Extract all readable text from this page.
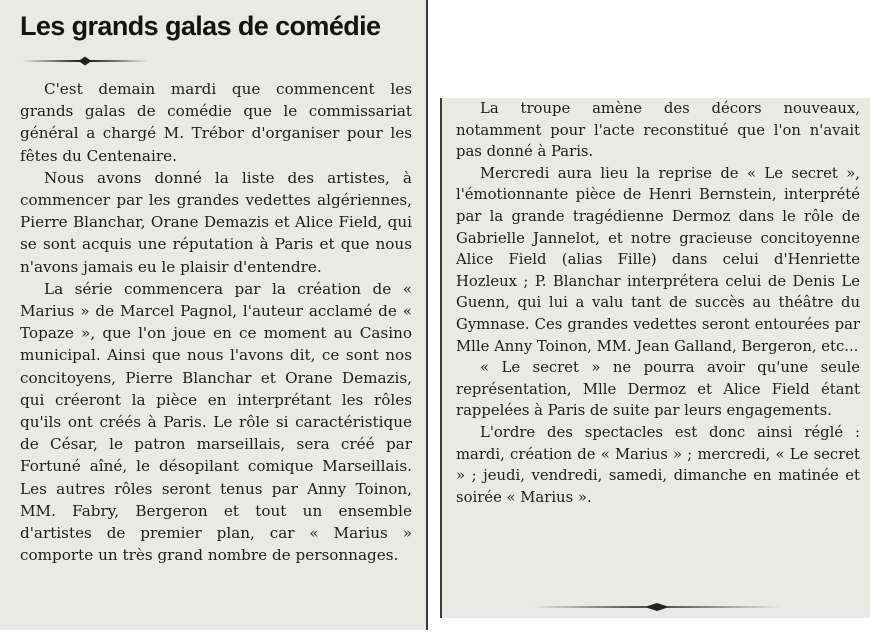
Les grands galas de comédie

C'est demain mardi que commencent les grands galas de comédie que le commissariat général a chargé M. Trébor d'organiser pour les fêtes du Centenaire.

Nous avons donné la liste des artistes, à commencer par les grandes vedettes algériennes, Pierre Blanchar, Orane Demazis et Alice Field, qui se sont acquis une réputation à Paris et que nous n'avons jamais eu le plaisir d'entendre.

La série commencera par la création de « Marius » de Marcel Pagnol, l'auteur acclamé de « Topaze », que l'on joue en ce moment au Casino municipal. Ainsi que nous l'avons dit, ce sont nos concitoyens, Pierre Blanchar et Orane Demazis, qui créeront la pièce en interprétant les rôles qu'ils ont créés à Paris. Le rôle si caractéristique de César, le patron marseillais, sera créé par Fortuné aîné, le désopilant comique Marseillais. Les autres rôles seront tenus par Anny Toinon, MM. Fabry, Bergeron et tout un ensemble d'artistes de premier plan, car « Marius » comporte un très grand nombre de personnages.

La troupe amène des décors nouveaux, notamment pour l'acte reconstitué que l'on n'avait pas donné à Paris.

Mercredi aura lieu la reprise de « Le secret », l'émotionnante pièce de Henri Bernstein, interprété par la grande tragédienne Dermoz dans le rôle de Gabrielle Jannelot, et notre gracieuse concitoyenne Alice Field (alias Fille) dans celui d'Henriette Hozleux ; P. Blanchar interprétera celui de Denis Le Guenn, qui lui a valu tant de succès au théâtre du Gymnase. Ces grandes vedettes seront entourées par Mlle Anny Toinon, MM. Jean Galland, Bergeron, etc...

« Le secret » ne pourra avoir qu'une seule représentation, Mlle Dermoz et Alice Field étant rappelées à Paris de suite par leurs engagements.

L'ordre des spectacles est donc ainsi réglé : mardi, création de « Marius » ; mercredi, « Le secret » ; jeudi, vendredi, samedi, dimanche en matinée et soirée « Marius ».
